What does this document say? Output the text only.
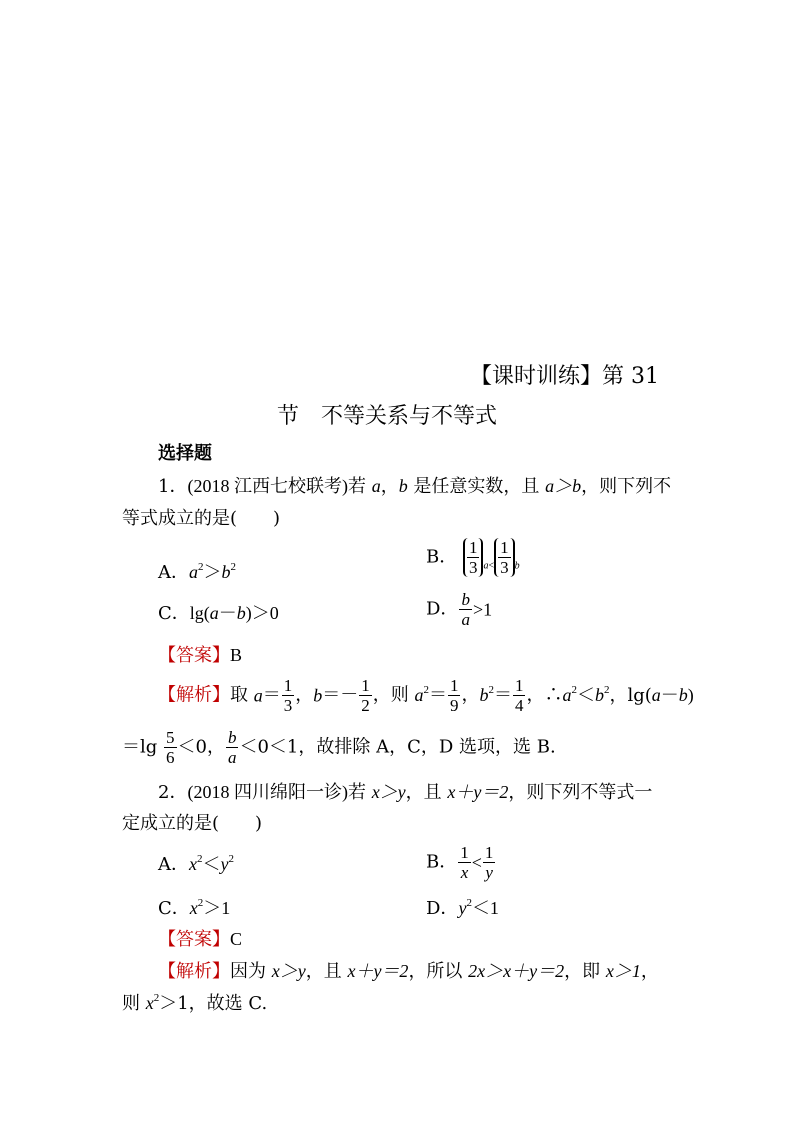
【课时训练】第 31
节　不等关系与不等式
选择题
1．(2018 江西七校联考)若 a，b 是任意实数，且 a＞b，则下列不
等式成立的是(　　)
A．$a^2>b^2$	B． $\frac{1}{3} _{a<} \frac{1}{3} _b$
C．lg(a－b)＞0	D． $\frac{b}{a} >1$
【答案】B
【解析】取 $a= \frac{1}{3}$ ，$b=- \frac{1}{2}$ ，则 $a^2= \frac{1}{9}$ ，$b^2= \frac{1}{4}$ ，$\therefore a^2<b^2$，lg(a－b)
$=\lg \frac{5}{6} <0$， $\frac{b}{a} <0<1$，故排除 A，C，D 选项，选 B.
2．(2018 四川绵阳一诊)若 x＞y，且 x＋y＝2，则下列不等式一
定成立的是(　　)
A．$x^2<y^2$	B． $\frac{1}{x} < \frac{1}{y}$
C．$x^2>1$	D．$y^2<1$
【答案】C
【解析】因为 x＞y，且 x＋y＝2，所以 2x＞x＋y＝2，即 x＞1，
则 $x^2>1$，故选 C.
